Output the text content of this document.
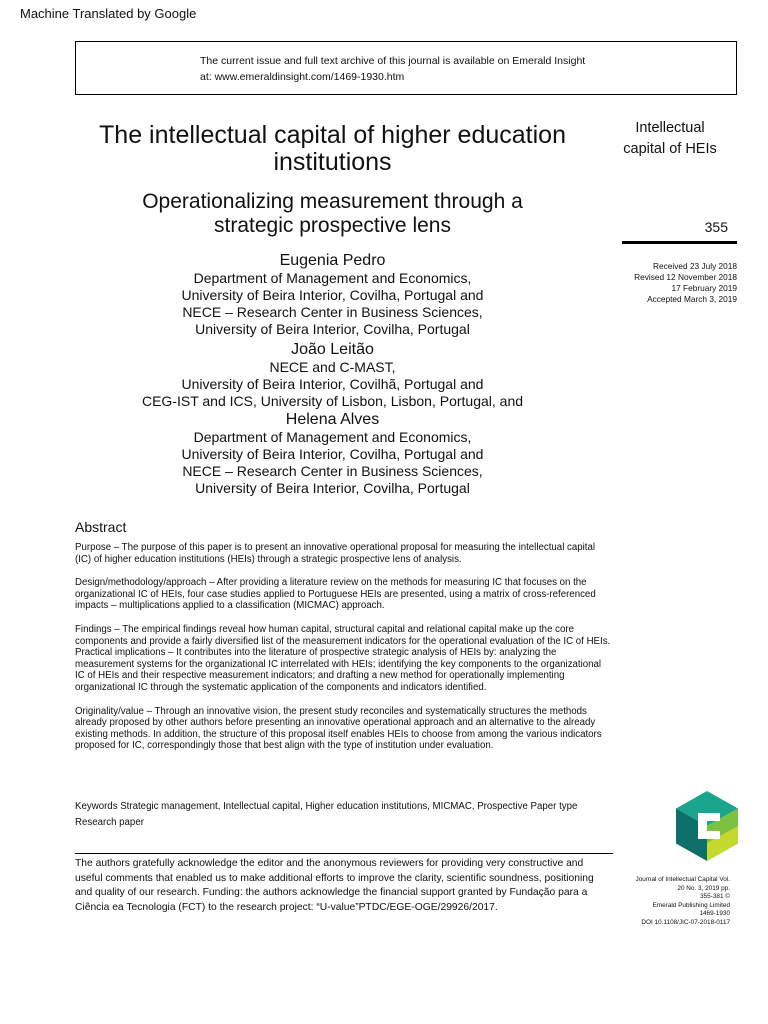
Machine Translated by Google
The current issue and full text archive of this journal is available on Emerald Insight
at: www.emeraldinsight.com/1469-1930.htm
The intellectual capital of higher education
institutions
Operationalizing measurement through a
strategic prospective lens
Intellectual
capital of HEIs
355
Received 23 July 2018
Revised 12 November 2018
17 February 2019
Accepted March 3, 2019
Eugenia Pedro
Department of Management and Economics,
University of Beira Interior, Covilha, Portugal and
NECE – Research Center in Business Sciences,
University of Beira Interior, Covilha, Portugal
João Leitão
NECE and C-MAST,
University of Beira Interior, Covilhã, Portugal and
CEG-IST and ICS, University of Lisbon, Lisbon, Portugal, and
Helena Alves
Department of Management and Economics,
University of Beira Interior, Covilha, Portugal and
NECE – Research Center in Business Sciences,
University of Beira Interior, Covilha, Portugal
Abstract

Purpose – The purpose of this paper is to present an innovative operational proposal for measuring the intellectual capital (IC) of higher education institutions (HEIs) through a strategic prospective lens of analysis.

Design/methodology/approach – After providing a literature review on the methods for measuring IC that focuses on the organizational IC of HEIs, four case studies applied to Portuguese HEIs are presented, using a matrix of cross-referenced impacts – multiplications applied to a classification (MICMAC) approach.

Findings – The empirical findings reveal how human capital, structural capital and relational capital make up the core components and provide a fairly diversified list of the measurement indicators for the operational evaluation of the IC of HEIs.

Practical implications – It contributes into the literature of prospective strategic analysis of HEIs by: analyzing the measurement systems for the organizational IC interrelated with HEIs; identifying the key components to the organizational IC of HEIs and their respective measurement indicators; and drafting a new method for operationally implementing organizational IC through the systematic application of the components and indicators identified.

Originality/value – Through an innovative vision, the present study reconciles and systematically structures the methods already proposed by other authors before presenting an innovative operational approach and an alternative to the already existing methods. In addition, the structure of this proposal itself enables HEIs to choose from among the various indicators proposed for IC, correspondingly those that best align with the type of institution under evaluation.

Keywords Strategic management, Intellectual capital, Higher education institutions, MICMAC, Prospective Paper type
Research paper
The authors gratefully acknowledge the editor and the anonymous reviewers for providing very constructive and useful comments that enabled us to make additional efforts to improve the clarity, scientific soundness, positioning and quality of our research. Funding: the authors acknowledge the financial support granted by Fundação para a Ciência ea Tecnologia (FCT) to the research project: “U-value”PTDC/EGE-OGE/29926/2017.
Journal of Intellectual Capital Vol.
20 No. 3, 2019 pp.
355-381 ©
Emerald Publishing Limited
1469-1930
DOI 10.1108/JIC-07-2018-0117
